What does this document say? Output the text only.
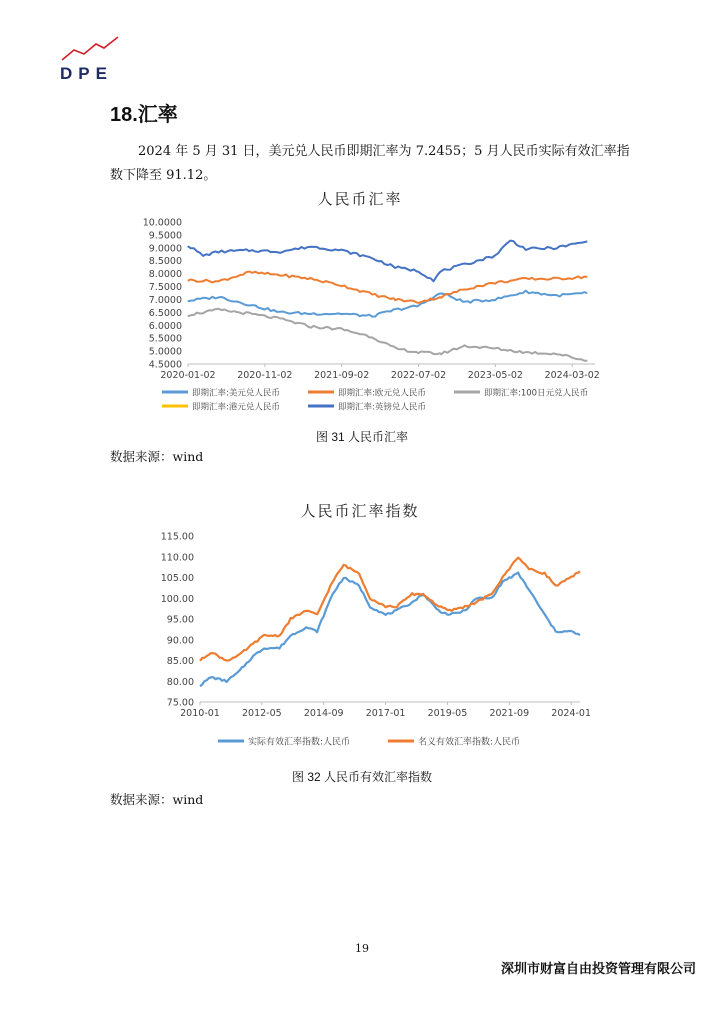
DPE
18.汇率
2024 年 5 月 31 日，美元兑人民币即期汇率为 7.2455；5 月人民币实际有效汇率指数下降至 91.12。
人民币汇率
10.0000
9.5000
9.0000
8.5000
8.0000
7.5000
7.0000
6.5000
6.0000
5.5000
5.0000
4.5000
2020-01-02 2020-11-02 2021-09-02 2022-07-02 2023-05-02 2024-03-02
即期汇率:美元兑人民币	即期汇率:欧元兑人民币	即期汇率:100日元兑人民币
即期汇率:港元兑人民币	即期汇率:英镑兑人民币
图 31 人民币汇率
数据来源：wind
人民币汇率指数
115.00
110.00
105.00
100.00
95.00
90.00
85.00
80.00
75.00
2010-01 2012-05 2014-09 2017-01 2019-05 2021-09 2024-01
实际有效汇率指数:人民币	名义有效汇率指数:人民币
图 32 人民币有效汇率指数
数据来源：wind
19
深圳市财富自由投资管理有限公司
